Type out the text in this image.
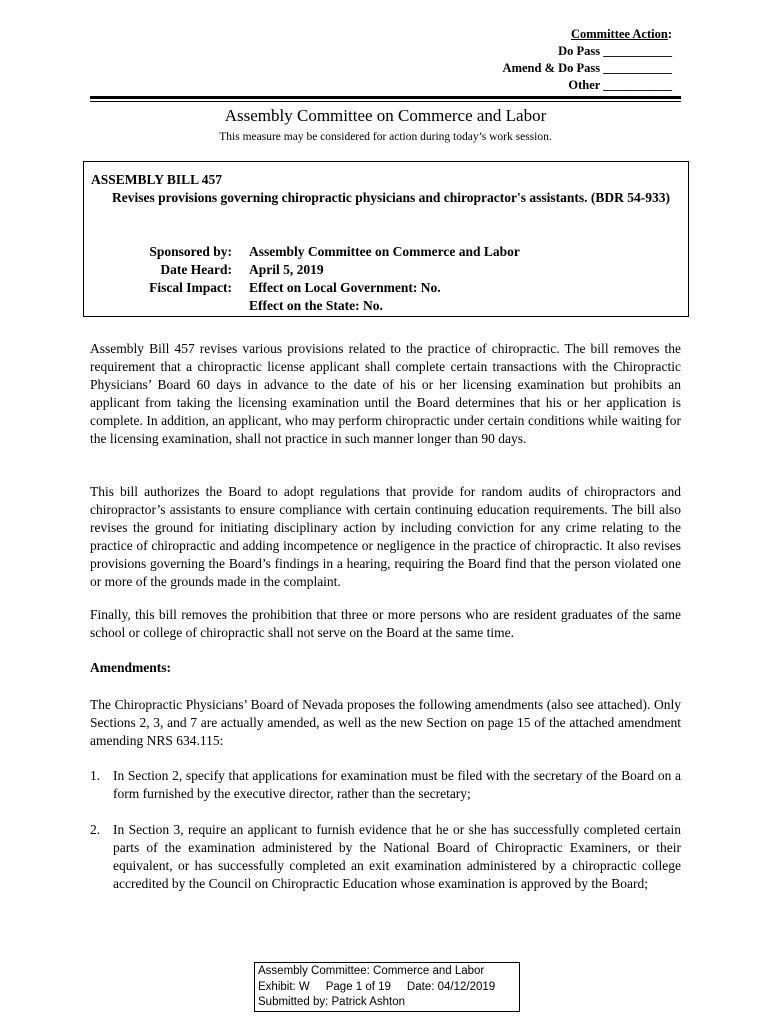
Committee Action:
Do Pass ___________
Amend & Do Pass ___________
Other ___________
Assembly Committee on Commerce and Labor
This measure may be considered for action during today’s work session.
ASSEMBLY BILL 457
Revises provisions governing chiropractic physicians and chiropractor's assistants. (BDR 54-933)
Sponsored by: Assembly Committee on Commerce and Labor
Date Heard: April 5, 2019
Fiscal Impact: Effect on Local Government: No.
Effect on the State: No.
Assembly Bill 457 revises various provisions related to the practice of chiropractic. The bill removes the requirement that a chiropractic license applicant shall complete certain transactions with the Chiropractic Physicians’ Board 60 days in advance to the date of his or her licensing examination but prohibits an applicant from taking the licensing examination until the Board determines that his or her application is complete. In addition, an applicant, who may perform chiropractic under certain conditions while waiting for the licensing examination, shall not practice in such manner longer than 90 days.
This bill authorizes the Board to adopt regulations that provide for random audits of chiropractors and chiropractor’s assistants to ensure compliance with certain continuing education requirements. The bill also revises the ground for initiating disciplinary action by including conviction for any crime relating to the practice of chiropractic and adding incompetence or negligence in the practice of chiropractic. It also revises provisions governing the Board’s findings in a hearing, requiring the Board find that the person violated one or more of the grounds made in the complaint.
Finally, this bill removes the prohibition that three or more persons who are resident graduates of the same school or college of chiropractic shall not serve on the Board at the same time.
Amendments:
The Chiropractic Physicians’ Board of Nevada proposes the following amendments (also see attached). Only Sections 2, 3, and 7 are actually amended, as well as the new Section on page 15 of the attached amendment amending NRS 634.115:
1. In Section 2, specify that applications for examination must be filed with the secretary of the Board on a form furnished by the executive director, rather than the secretary;
2. In Section 3, require an applicant to furnish evidence that he or she has successfully completed certain parts of the examination administered by the National Board of Chiropractic Examiners, or their equivalent, or has successfully completed an exit examination administered by a chiropractic college accredited by the Council on Chiropractic Education whose examination is approved by the Board;
Assembly Committee: Commerce and Labor
Exhibit: W     Page 1 of 19     Date: 04/12/2019
Submitted by: Patrick Ashton
